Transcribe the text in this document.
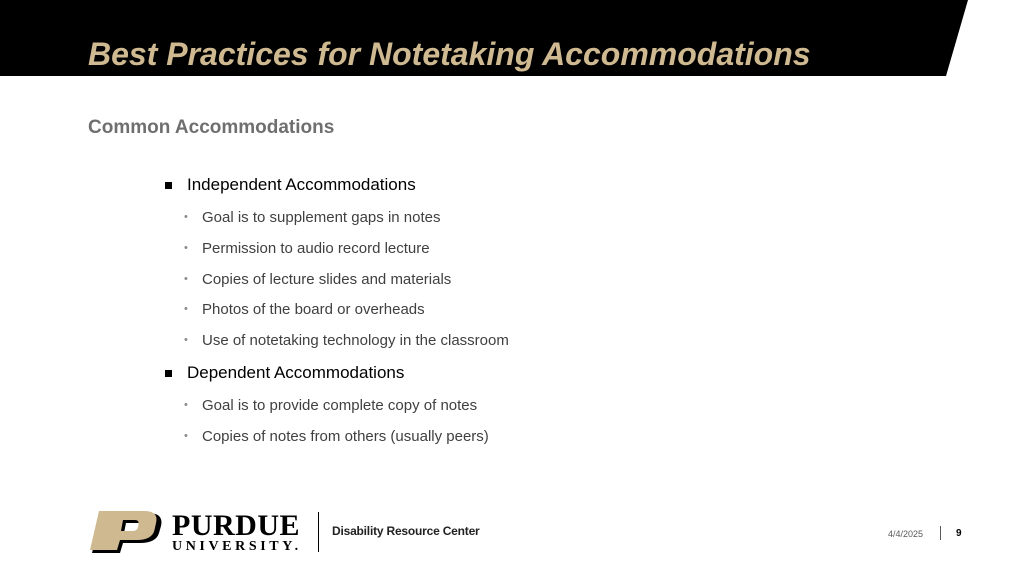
Best Practices for Notetaking Accommodations
Common Accommodations
Independent Accommodations
• Goal is to supplement gaps in notes
• Permission to audio record lecture
• Copies of lecture slides and materials
• Photos of the board or overheads
• Use of notetaking technology in the classroom
Dependent Accommodations
• Goal is to provide complete copy of notes
• Copies of notes from others (usually peers)
PURDUE
UNIVERSITY.
Disability Resource Center	4/4/2025	9
